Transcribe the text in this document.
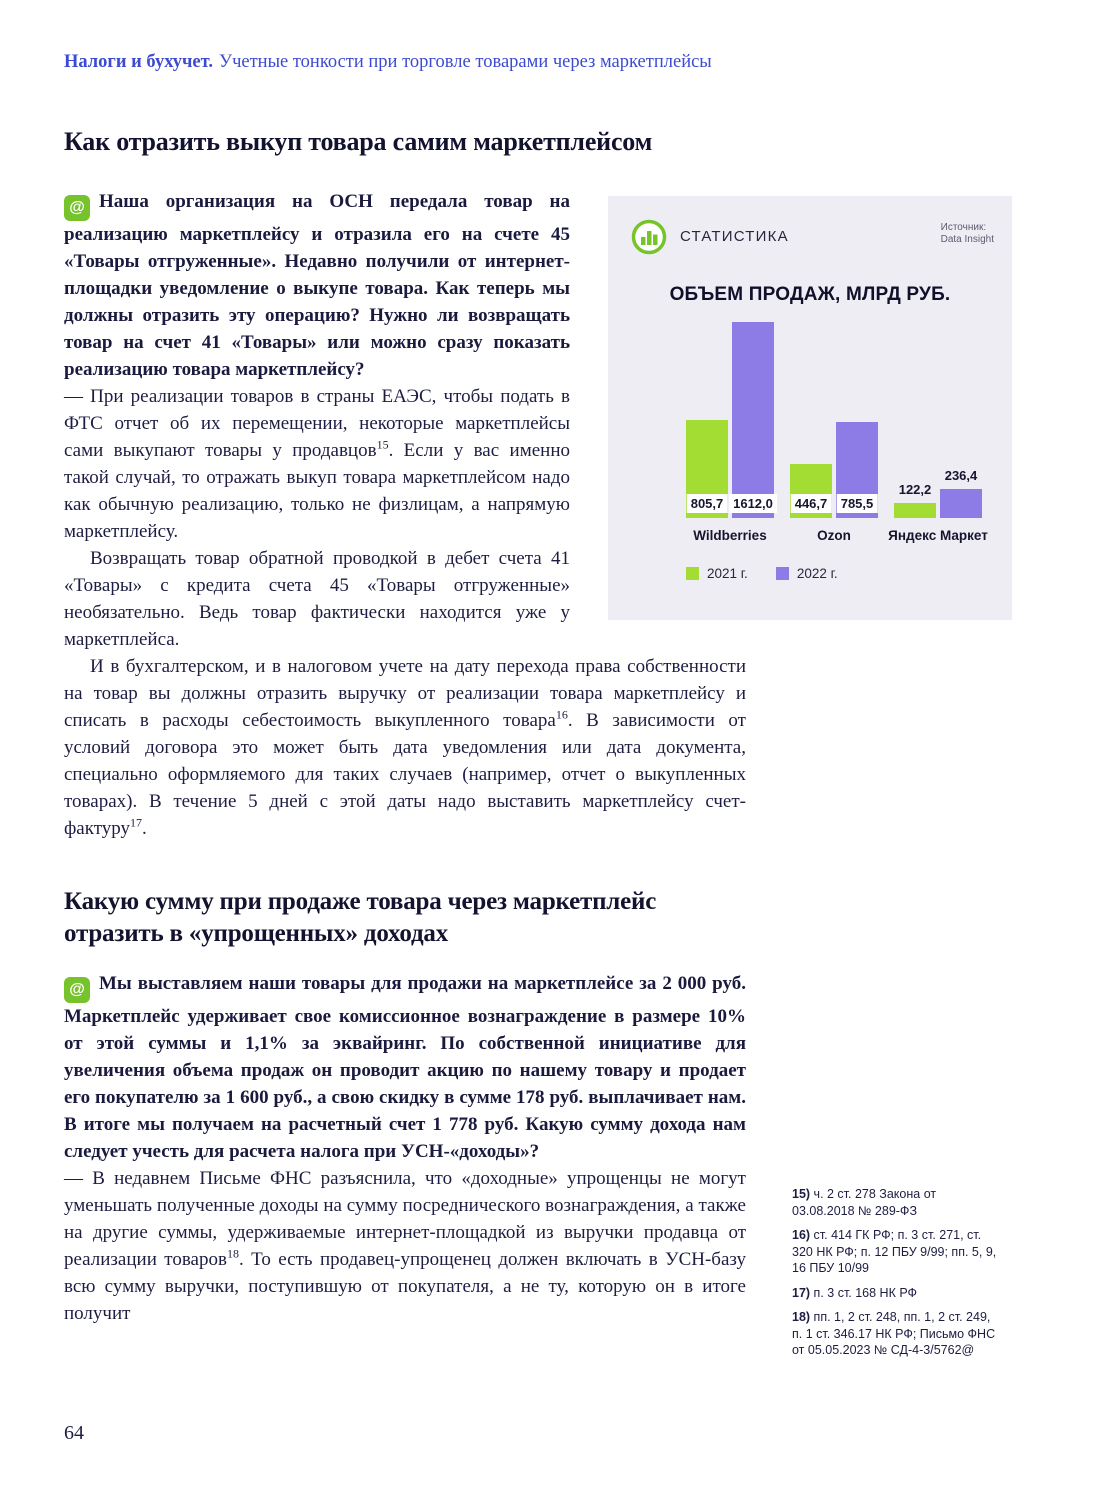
Налоги и бухучет. Учетные тонкости при торговле товарами через маркетплейсы
Как отразить выкуп товара самим маркетплейсом

@ Наша организация на ОСН передала товар на реализацию маркетплейсу и отразила его на счете 45 «Товары отгруженные». Недавно получили от интернет-площадки уведомление о выкупе товара. Как теперь мы должны отразить эту операцию? Нужно ли возвращать товар на счет 41 «Товары» или можно сразу показать реализацию товара маркетплейсу?

— При реализации товаров в страны ЕАЭС, чтобы подать в ФТС отчет об их перемещении, некоторые маркетплейсы сами выкупают товары у продавцов$^{15}$. Если у вас именно такой случай, то отражать выкуп товара маркетплейсом надо как обычную реализацию, только не физлицам, а напрямую маркетплейсу.

Возвращать товар обратной проводкой в дебет счета 41 «Товары» с кредита счета 45 «Товары отгруженные» необязательно. Ведь товар фактически находится уже у маркетплейса.

И в бухгалтерском, и в налоговом учете на дату перехода права собственности на товар вы должны отразить выручку от реализации товара маркетплейсу и списать в расходы себестоимость выкупленного товара$^{16}$. В зависимости от условий договора это может быть дата уведомления или дата документа, специально оформляемого для таких случаев (например, отчет о выкупленных товарах). В течение 5 дней с этой даты надо выставить маркетплейсу счет-фактуру$^{17}$.

Какую сумму при продаже товара через маркетплейс отразить в «упрощенных» доходах

@ Мы выставляем наши товары для продажи на маркетплейсе за 2 000 руб. Маркетплейс удерживает свое комиссионное вознаграждение в размере 10% от этой суммы и 1,1% за эквайринг. По собственной инициативе для увеличения объема продаж он проводит акцию по нашему товару и продает его покупателю за 1 600 руб., а свою скидку в сумме 178 руб. выплачивает нам. В итоге мы получаем на расчетный счет 1 778 руб. Какую сумму дохода нам следует учесть для расчета налога при УСН-«доходы»?

— В недавнем Письме ФНС разъяснила, что «доходные» упрощенцы не могут уменьшать полученные доходы на сумму посреднического вознаграждения, а также на другие суммы, удерживаемые интернет-площадкой из выручки продавца от реализации товаров$^{18}$. То есть продавец-упрощенец должен включать в УСН-базу всю сумму выручки, поступившую от покупателя, а не ту, которую он в итоге получит

СТАТИСТИКА
Источник:
Data Insight
ОБЪЕМ ПРОДАЖ, МЛРД РУБ.
805,7	446,7
122,2
1612,0	785,5
236,4
Wildberries	Ozon	Яндекс Маркет
2021 г.	2022 г.
15) ч. 2 ст. 278 Закона от 03.08.2018 № 289-ФЗ
16) ст. 414 ГК РФ; п. 3 ст. 271, ст. 320 НК РФ; п. 12 ПБУ 9/99; пп. 5, 9, 16 ПБУ 10/99
17) п. 3 ст. 168 НК РФ
18) пп. 1, 2 ст. 248, пп. 1, 2 ст. 249, п. 1 ст. 346.17 НК РФ; Письмо ФНС от 05.05.2023 № СД-4-3/5762@
64
